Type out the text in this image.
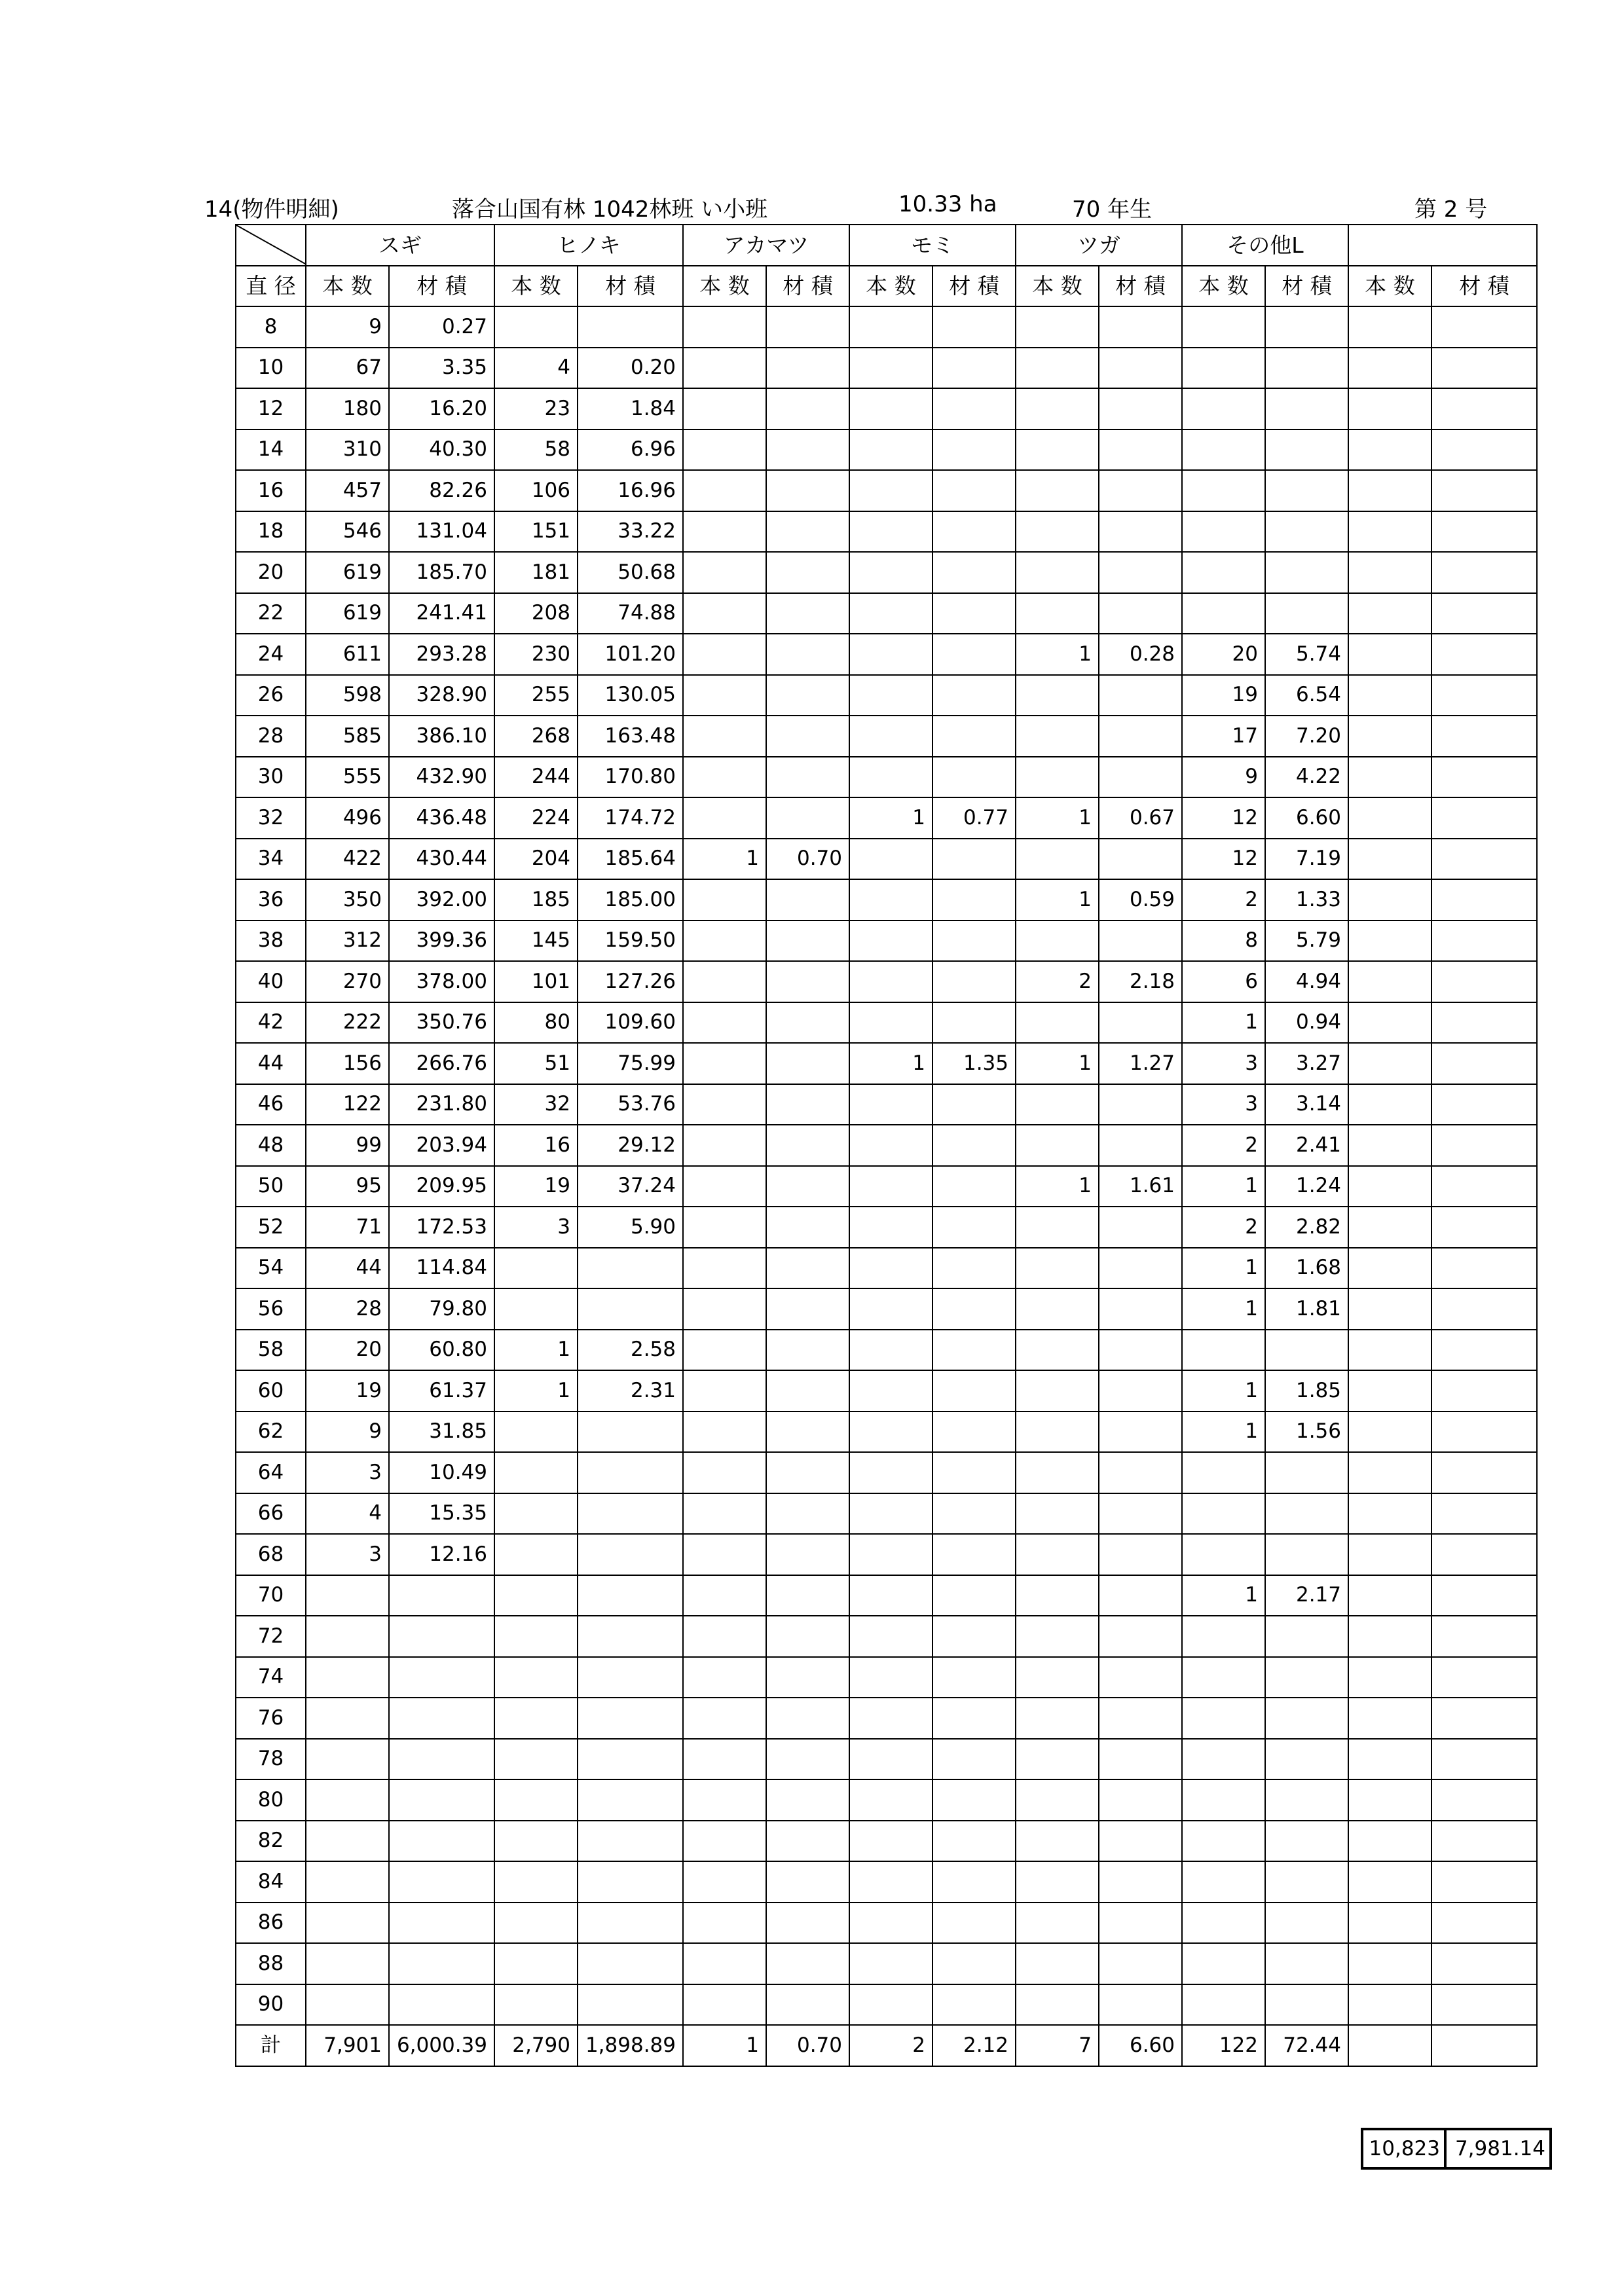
14(物件明細)	落合山国有林 1042林班 い小班	10.33 ha	70 年生	第 2 号
	スギ		ヒノキ		アカマツ		モミ		ツガ		その他L			
直 径	本 数	材 積	本 数	材 積	本 数	材 積	本 数	材 積	本 数	材 積	本 数	材 積	本 数	材 積
8	9	0.27												
10	67	3.35	4	0.20										
12	180	16.20	23	1.84										
14	310	40.30	58	6.96										
16	457	82.26	106	16.96										
18	546	131.04	151	33.22										
20	619	185.70	181	50.68										
22	619	241.41	208	74.88										
24	611	293.28	230	101.20					1	0.28	20	5.74		
26	598	328.90	255	130.05							19	6.54		
28	585	386.10	268	163.48							17	7.20		
30	555	432.90	244	170.80							9	4.22		
32	496	436.48	224	174.72			1	0.77	1	0.67	12	6.60		
34	422	430.44	204	185.64	1	0.70					12	7.19		
36	350	392.00	185	185.00					1	0.59	2	1.33		
38	312	399.36	145	159.50							8	5.79		
40	270	378.00	101	127.26					2	2.18	6	4.94		
42	222	350.76	80	109.60							1	0.94		
44	156	266.76	51	75.99			1	1.35	1	1.27	3	3.27		
46	122	231.80	32	53.76							3	3.14		
48	99	203.94	16	29.12							2	2.41		
50	95	209.95	19	37.24					1	1.61	1	1.24		
52	71	172.53	3	5.90							2	2.82		
54	44	114.84									1	1.68		
56	28	79.80									1	1.81		
58	20	60.80	1	2.58										
60	19	61.37	1	2.31							1	1.85		
62	9	31.85									1	1.56		
64	3	10.49												
66	4	15.35												
68	3	12.16												
70											1	2.17		
72														
74														
76														
78														
80														
82														
84														
86														
88														
90														
計	7,901	6,000.39	2,790	1,898.89	1	0.70	2	2.12	7	6.60	122	72.44		
10,823	7,981.14
